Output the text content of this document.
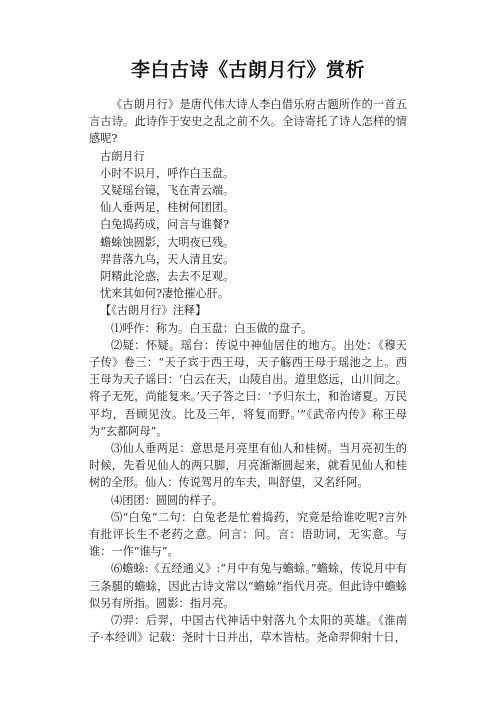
李白古诗《古朗月行》赏析

《古朗月行》是唐代伟大诗人李白借乐府古题所作的一首五言古诗。此诗作于安史之乱之前不久。全诗寄托了诗人怎样的情感呢?

古朗月行

小时不识月，呼作白玉盘。

又疑瑶台镜，飞在青云端。

仙人垂两足，桂树何团团。

白兔捣药成，问言与谁餐?

蟾蜍蚀圆影，大明夜已残。

羿昔落九乌，天人清且安。

阴精此沦惑，去去不足观。

忧来其如何?凄怆摧心肝。

【《古朗月行》注释】

⑴呼作：称为。白玉盘：白玉做的盘子。

⑵疑：怀疑。瑶台：传说中神仙居住的地方。出处：《穆天子传》卷三：“天子宾于西王母，天子觞西王母于瑶池之上。西王母为天子谣曰：‘白云在天，山陵自出。道里悠远，山川间之。将子无死，尚能复来。’天子答之曰：‘予归东土，和治诸夏。万民平均，吾顾见汝。比及三年，将复而野。’”《武帝内传》称王母为“玄都阿母”。

⑶仙人垂两足：意思是月亮里有仙人和桂树。当月亮初生的时候，先看见仙人的两只脚，月亮渐渐圆起来，就看见仙人和桂树的全形。仙人：传说驾月的车夫，叫舒望，又名纤阿。

⑷团团：圆圆的样子。

⑸“白兔”二句：白兔老是忙着捣药，究竟是给谁吃呢?言外有批评长生不老药之意。问言：问。言：语助词，无实意。与谁：一作“谁与”。

⑹蟾蜍:《五经通义》:“月中有兔与蟾蜍。”蟾蜍，传说月中有三条腿的蟾蜍，因此古诗文常以“蟾蜍”指代月亮。但此诗中蟾蜍似另有所指。圆影：指月亮。

⑺羿：后羿，中国古代神话中射落九个太阳的英雄。《淮南子·本经训》记载：尧时十日并出，草木皆枯。尧命羿仰射十日，
